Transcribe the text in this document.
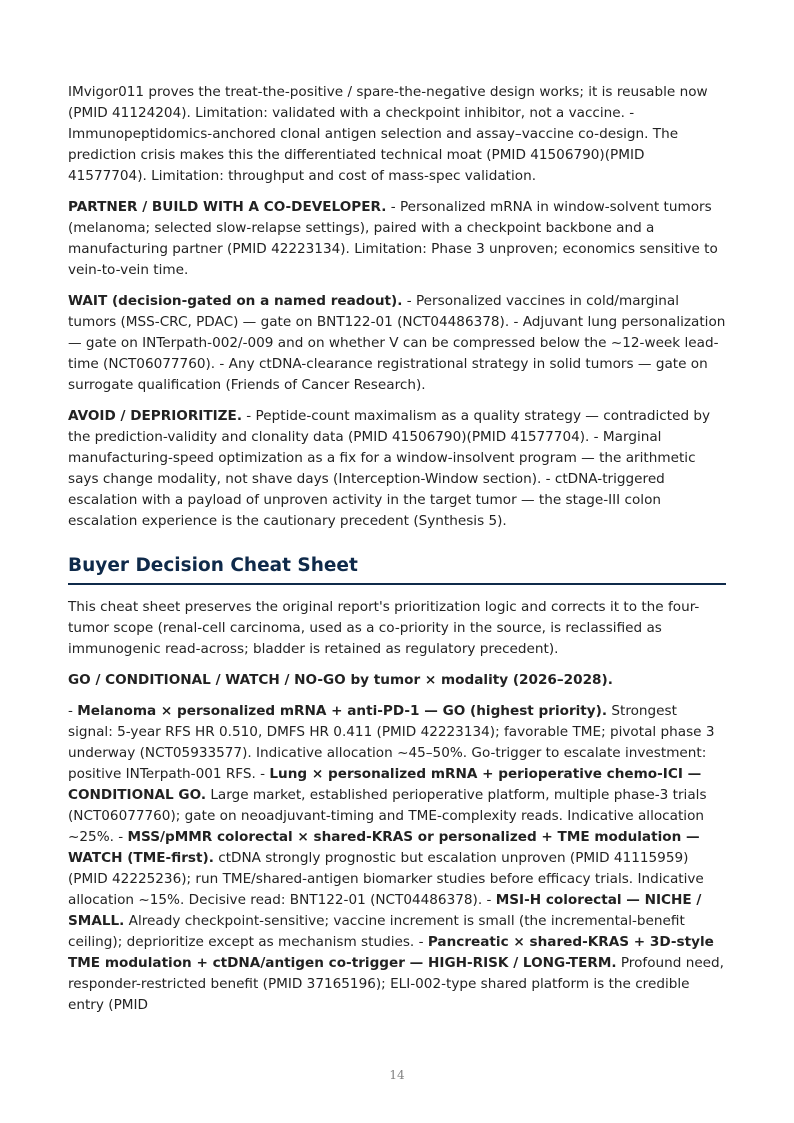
IMvigor011 proves the treat-the-positive / spare-the-negative design works; it is reusable now (PMID 41124204). Limitation: validated with a checkpoint inhibitor, not a vaccine. - Immunopeptidomics-anchored clonal antigen selection and assay–vaccine co-design. The prediction crisis makes this the differentiated technical moat (PMID 41506790)(PMID 41577704). Limitation: throughput and cost of mass-spec validation.

PARTNER / BUILD WITH A CO-DEVELOPER. - Personalized mRNA in window-solvent tumors (melanoma; selected slow-relapse settings), paired with a checkpoint backbone and a manufacturing partner (PMID 42223134). Limitation: Phase 3 unproven; economics sensitive to vein-to-vein time.

WAIT (decision-gated on a named readout). - Personalized vaccines in cold/marginal tumors (MSS-CRC, PDAC) — gate on BNT122-01 (NCT04486378). - Adjuvant lung personalization — gate on INTerpath-002/-009 and on whether V can be compressed below the ~12-week lead-time (NCT06077760). - Any ctDNA-clearance registrational strategy in solid tumors — gate on surrogate qualification (Friends of Cancer Research).

AVOID / DEPRIORITIZE. - Peptide-count maximalism as a quality strategy — contradicted by the prediction-validity and clonality data (PMID 41506790)(PMID 41577704). - Marginal manufacturing-speed optimization as a fix for a window-insolvent program — the arithmetic says change modality, not shave days (Interception-Window section). - ctDNA-triggered escalation with a payload of unproven activity in the target tumor — the stage-III colon escalation experience is the cautionary precedent (Synthesis 5).

Buyer Decision Cheat Sheet

This cheat sheet preserves the original report's prioritization logic and corrects it to the four-tumor scope (renal-cell carcinoma, used as a co-priority in the source, is reclassified as immunogenic read-across; bladder is retained as regulatory precedent).

GO / CONDITIONAL / WATCH / NO-GO by tumor × modality (2026–2028).

- Melanoma × personalized mRNA + anti-PD-1 — GO (highest priority). Strongest signal: 5-year RFS HR 0.510, DMFS HR 0.411 (PMID 42223134); favorable TME; pivotal phase 3 underway (NCT05933577). Indicative allocation ~45–50%. Go-trigger to escalate investment: positive INTerpath-001 RFS. - Lung × personalized mRNA + perioperative chemo-ICI — CONDITIONAL GO. Large market, established perioperative platform, multiple phase-3 trials (NCT06077760); gate on neoadjuvant-timing and TME-complexity reads. Indicative allocation ~25%. - MSS/pMMR colorectal × shared-KRAS or personalized + TME modulation — WATCH (TME-first). ctDNA strongly prognostic but escalation unproven (PMID 41115959)(PMID 42225236); run TME/shared-antigen biomarker studies before efficacy trials. Indicative allocation ~15%. Decisive read: BNT122-01 (NCT04486378). - MSI-H colorectal — NICHE / SMALL. Already checkpoint-sensitive; vaccine increment is small (the incremental-benefit ceiling); deprioritize except as mechanism studies. - Pancreatic × shared-KRAS + 3D-style TME modulation + ctDNA/antigen co-trigger — HIGH-RISK / LONG-TERM. Profound need, responder-restricted benefit (PMID 37165196); ELI-002-type shared platform is the credible entry (PMID

14
